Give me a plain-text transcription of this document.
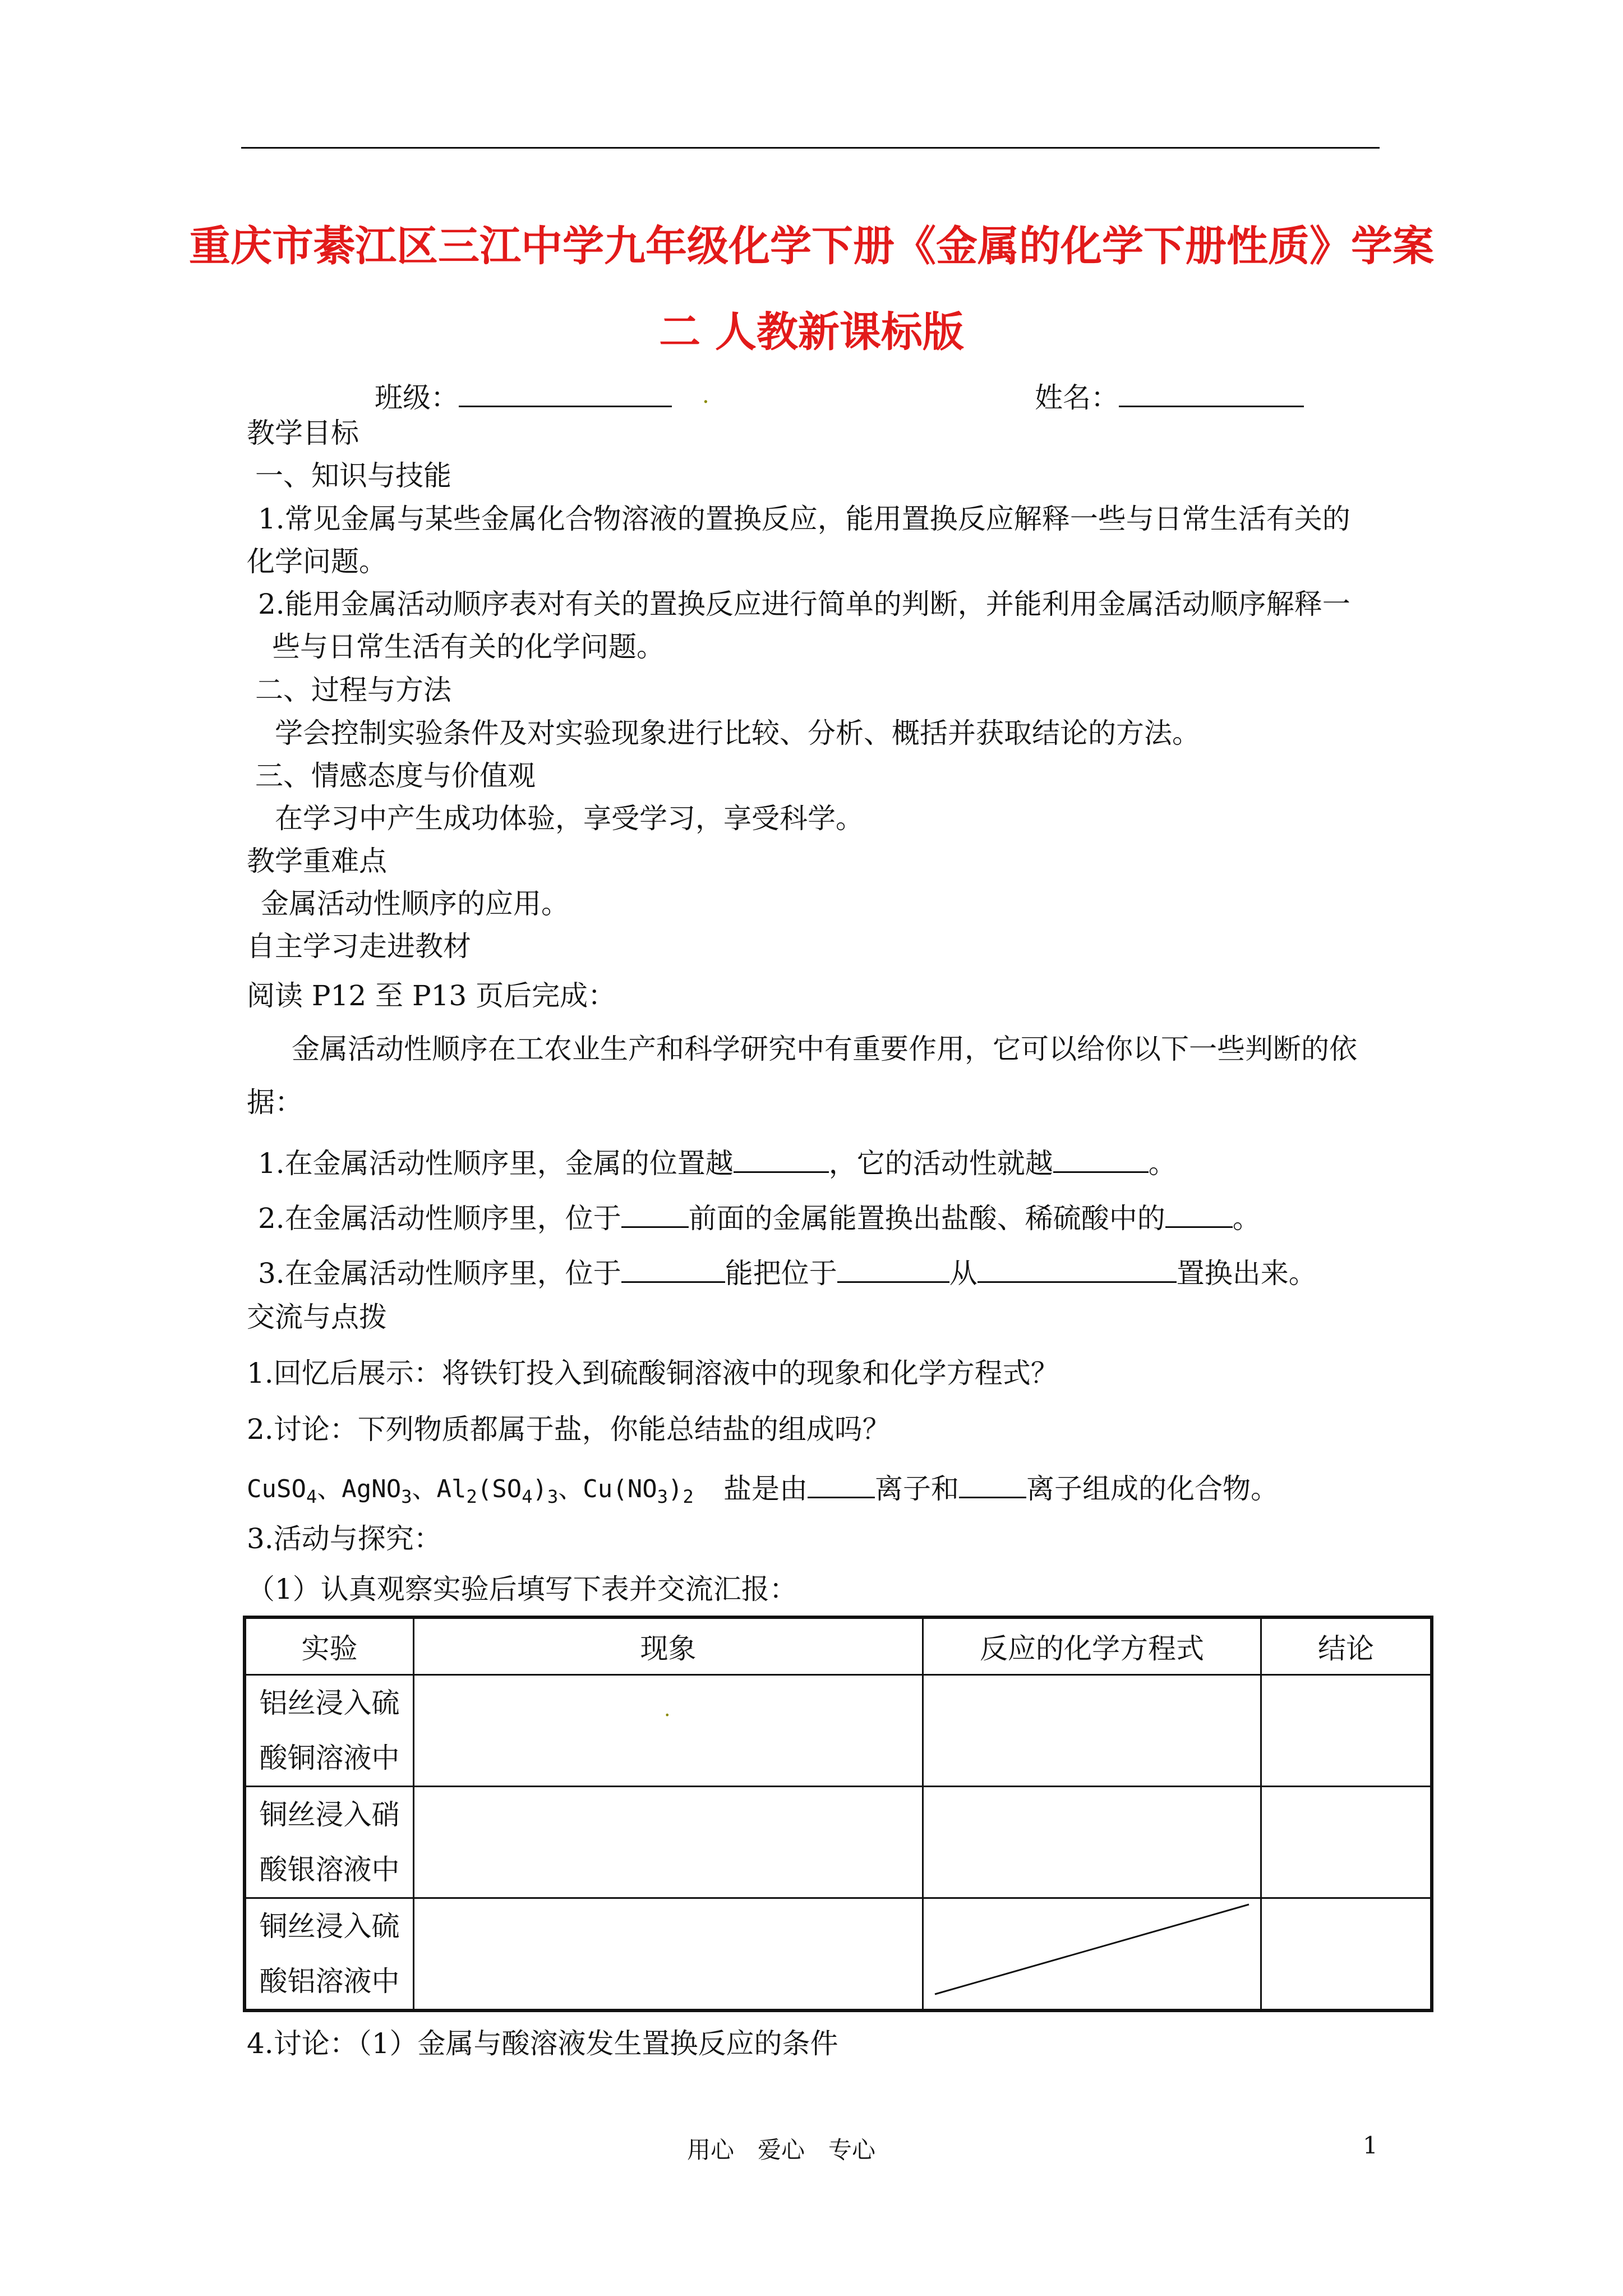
重庆市綦江区三江中学九年级化学下册《金属的化学下册性质》学案
二 人教新课标版
班级：	.	姓名：
教学目标
一、知识与技能
1.常见金属与某些金属化合物溶液的置换反应，能用置换反应解释一些与日常生活有关的
化学问题。
2.能用金属活动顺序表对有关的置换反应进行简单的判断，并能利用金属活动顺序解释一
些与日常生活有关的化学问题。
二、过程与方法
学会控制实验条件及对实验现象进行比较、分析、概括并获取结论的方法。
三、情感态度与价值观
在学习中产生成功体验，享受学习，享受科学。
教学重难点
金属活动性顺序的应用。
自主学习走进教材
阅读 P12 至 P13 页后完成：
金属活动性顺序在工农业生产和科学研究中有重要作用，它可以给你以下一些判断的依
据：
1.在金属活动性顺序里，金属的位置越	，它的活动性就越	。
2.在金属活动性顺序里，位于 前面的金属能置换出盐酸、稀硫酸中的 。
3.在金属活动性顺序里，位于	能把位于	从	置换出来。
交流与点拨
1.回忆后展示：将铁钉投入到硫酸铜溶液中的现象和化学方程式？
2.讨论：下列物质都属于盐，你能总结盐的组成吗？
CuSO$_4$、AgNO$_3$、$Al_2(SO_4)_3$、$Cu(NO_3)_2$ 盐是由 离子和 离子组成的化合物。
3.活动与探究：
（1）认真观察实验后填写下表并交流汇报：
实验	现象	反应的化学方程式	结论

铝丝浸入硫
酸铜溶液中	.		

铜丝浸入硝
酸银溶液中			

铜丝浸入硫
酸铝溶液中

4.讨论：（1）金属与酸溶液发生置换反应的条件
用心　爱心　专心	1
